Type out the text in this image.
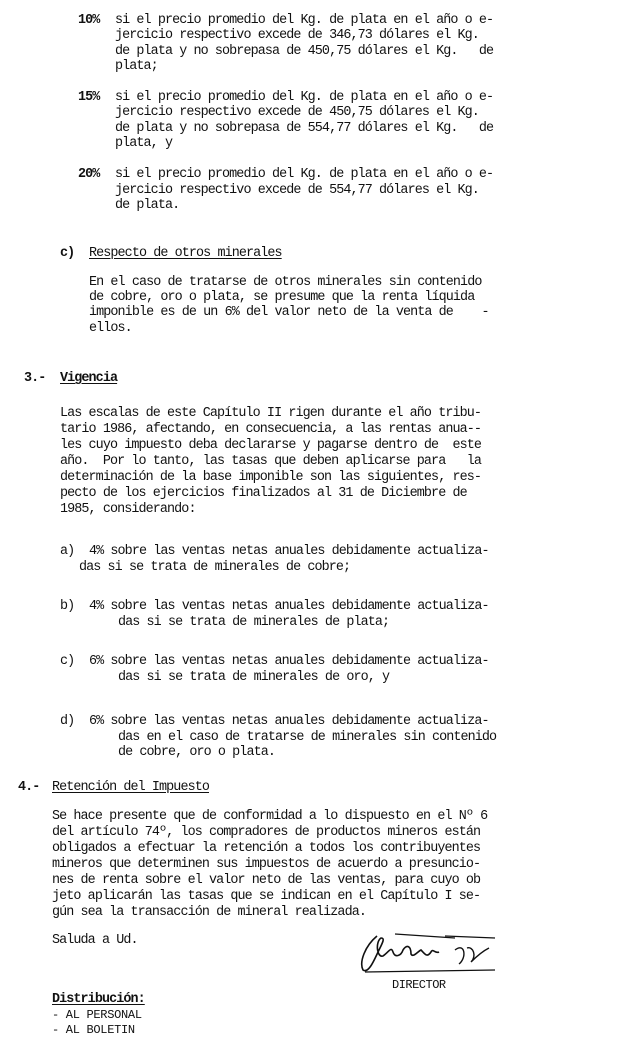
10% si el precio promedio del Kg. de plata en el año o e-
jercicio respectivo excede de 346,73 dólares el Kg.
de plata y no sobrepasa de 450,75 dólares el Kg.   de
plata;
15% si el precio promedio del Kg. de plata en el año o e-
jercicio respectivo excede de 450,75 dólares el Kg.
de plata y no sobrepasa de 554,77 dólares el Kg.   de
plata, y
20% si el precio promedio del Kg. de plata en el año o e-
jercicio respectivo excede de 554,77 dólares el Kg.
de plata.
c) Respecto de otros minerales
En el caso de tratarse de otros minerales sin contenido
de cobre, oro o plata, se presume que la renta líquida
imponible es de un 6% del valor neto de la venta de    -
ellos.
3.- Vigencia
Las escalas de este Capítulo II rigen durante el año tribu-
tario 1986, afectando, en consecuencia, a las rentas anua--
les cuyo impuesto deba declararse y pagarse dentro de  este
año.  Por lo tanto, las tasas que deben aplicarse para   la
determinación de la base imponible son las siguientes, res-
pecto de los ejercicios finalizados al 31 de Diciembre de
1985, considerando:
a) 4% sobre las ventas netas anuales debidamente actualiza-
das si se trata de minerales de cobre;
b) 4% sobre las ventas netas anuales debidamente actualiza-
das si se trata de minerales de plata;
c) 6% sobre las ventas netas anuales debidamente actualiza-
das si se trata de minerales de oro, y
d) 6% sobre las ventas netas anuales debidamente actualiza-
das en el caso de tratarse de minerales sin contenido
de cobre, oro o plata.
4.- Retención del Impuesto
Se hace presente que de conformidad a lo dispuesto en el Nº 6
del artículo 74º, los compradores de productos mineros están
obligados a efectuar la retención a todos los contribuyentes
mineros que determinen sus impuestos de acuerdo a presuncio-
nes de renta sobre el valor neto de las ventas, para cuyo ob
jeto aplicarán las tasas que se indican en el Capítulo I se-
gún sea la transacción de mineral realizada.
Saluda a Ud.
DIRECTOR
Distribución:
- AL PERSONAL
- AL BOLETIN
